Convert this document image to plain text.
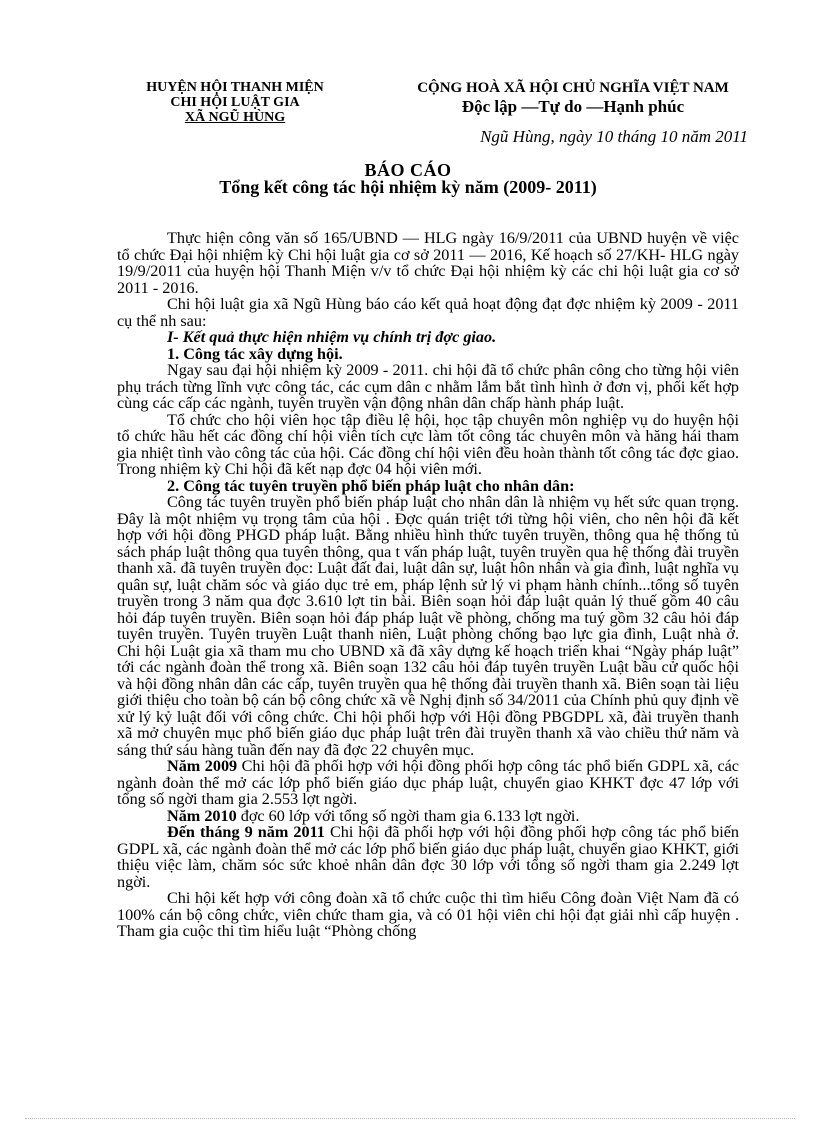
HUYỆN HỘI THANH MIỆN
CHI HỘI LUẬT GIA
XÃ NGŨ HÙNG
CỘNG HOÀ XÃ HỘI CHỦ NGHĨA VIỆT NAM
Độc lập —Tự do —Hạnh phúc
Ngũ Hùng, ngày 10 tháng 10 năm 2011
BÁO CÁO
Tổng kết công tác hội nhiệm kỳ năm (2009- 2011)

Thực hiện công văn số 165/UBND — HLG ngày 16/9/2011 của UBND huyện về việc tổ chức Đại hội nhiệm kỳ Chi hội luật gia cơ sở 2011 — 2016, Kế hoạch số 27/KH- HLG ngày 19/9/2011 của huyện hội Thanh Miện v/v tổ chức Đại hội nhiệm kỳ các chi hội luật gia cơ sở 2011 - 2016.

Chi hội luật gia xã Ngũ Hùng báo cáo kết quả hoạt động đạt đợc nhiệm kỳ 2009 - 2011 cụ thể nh sau:

I- Kết quả thực hiện nhiệm vụ chính trị đợc giao.

1. Công tác xây dựng hội.

Ngay sau đại hội nhiệm kỳ 2009 - 2011. chi hội đã tổ chức phân công cho từng hội viên phụ trách từng lĩnh vực công tác, các cụm dân c nhằm lắm bắt tình hình ở đơn vị, phối kết hợp cùng các cấp các ngành, tuyên truyền vận động nhân dân chấp hành pháp luật.

Tổ chức cho hội viên học tập điều lệ hội, học tập chuyên môn nghiệp vụ do huyện hội tổ chức hầu hết các đồng chí hội viên tích cực làm tốt công tác chuyên môn và hăng hái tham gia nhiệt tình vào công tác của hội. Các đồng chí hội viên đều hoàn thành tốt công tác đợc giao. Trong nhiệm kỳ Chi hội đã kết nạp đợc 04 hội viên mới.

2. Công tác tuyên truyền phổ biến pháp luật cho nhân dân:

Công tác tuyên truyền phổ biến pháp luật cho nhân dân là nhiệm vụ hết sức quan trọng. Đây là một nhiệm vụ trọng tâm của hội . Đợc quán triệt tới từng hội viên, cho nên hội đã kết hợp với hội đồng PHGD pháp luật. Bằng nhiều hình thức tuyên truyền, thông qua hệ thống tủ sách pháp luật thông qua tuyên thông, qua t vấn pháp luật, tuyên truyền qua hệ thống đài truyền thanh xã. đã tuyên truyền đọc: Luật đất đai, luật dân sự, luật hôn nhân và gia đình, luật nghĩa vụ quân sự, luật chăm sóc và giáo dục trẻ em, pháp lệnh sử lý vi phạm hành chính...tổng số tuyên truyền trong 3 năm qua đợc 3.610 lợt tin bài. Biên soạn hỏi đáp luật quản lý thuế gồm 40 câu hỏi đáp tuyên truyền. Biên soạn hỏi đáp pháp luật về phòng, chống ma tuý gồm 32 câu hỏi đáp tuyên truyền. Tuyên truyền Luật thanh niên, Luật phòng chống bạo lực gia đình, Luật nhà ở. Chi hội Luật gia xã tham mu cho UBND xã đã xây dựng kế hoạch triển khai “Ngày pháp luật” tới các ngành đoàn thể trong xã. Biên soạn 132 câu hỏi đáp tuyên truyền Luật bầu cử quốc hội và hội đồng nhân dân các cấp, tuyên truyền qua hệ thống đài truyền thanh xã. Biên soạn tài liệu giới thiệu cho toàn bộ cán bộ công chức xã về Nghị định số 34/2011 của Chính phủ quy định về xử lý kỷ luật đối với công chức. Chi hội phối hợp với Hội đồng PBGDPL xã, đài truyền thanh xã mở chuyên mục phổ biến giáo dục pháp luật trên đài truyền thanh xã vào chiều thứ năm và sáng thứ sáu hàng tuần đến nay đã đợc 22 chuyên mục.

Năm 2009 Chi hội đã phối hợp với hội đồng phối hợp công tác phổ biến GDPL xã, các ngành đoàn thể mở các lớp phổ biến giáo dục pháp luật, chuyển giao KHKT đợc 47 lớp với tổng số ngời tham gia 2.553 lợt ngời.

Năm 2010 đợc 60 lớp với tổng số ngời tham gia 6.133 lợt ngời.

Đến tháng 9 năm 2011 Chi hội đã phối hợp với hội đồng phối hợp công tác phổ biến GDPL xã, các ngành đoàn thể mở các lớp phổ biến giáo dục pháp luật, chuyển giao KHKT, giới thiệu việc làm, chăm sóc sức khoẻ nhân dân đợc 30 lớp với tổng số ngời tham gia 2.249 lợt ngời.

Chi hội kết hợp với công đoàn xã tổ chức cuộc thi tìm hiểu Công đoàn Việt Nam đã có 100% cán bộ công chức, viên chức tham gia, và có 01 hội viên chi hội đạt giải nhì cấp huyện . Tham gia cuộc thi tìm hiểu luật “Phòng chống
